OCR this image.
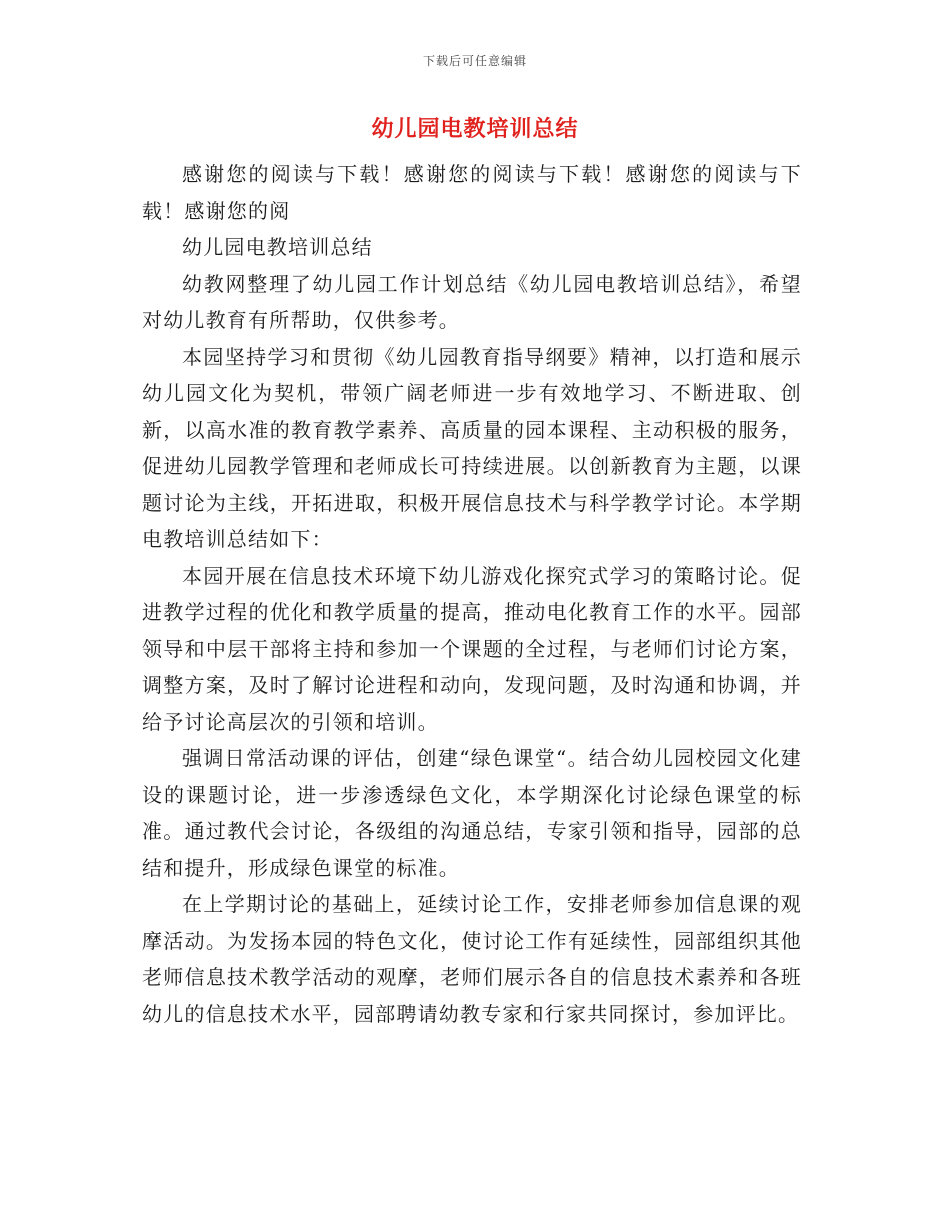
下载后可任意编辑
幼儿园电教培训总结

感谢您的阅读与下载！感谢您的阅读与下载！感谢您的阅读与下载！感谢您的阅

幼儿园电教培训总结

幼教网整理了幼儿园工作计划总结《幼儿园电教培训总结》，希望对幼儿教育有所帮助，仅供参考。

本园坚持学习和贯彻《幼儿园教育指导纲要》精神，以打造和展示幼儿园文化为契机，带领广阔老师进一步有效地学习、不断进取、创新，以高水准的教育教学素养、高质量的园本课程、主动积极的服务，促进幼儿园教学管理和老师成长可持续进展。以创新教育为主题，以课题讨论为主线，开拓进取，积极开展信息技术与科学教学讨论。本学期电教培训总结如下：

本园开展在信息技术环境下幼儿游戏化探究式学习的策略讨论。促进教学过程的优化和教学质量的提高，推动电化教育工作的水平。园部领导和中层干部将主持和参加一个课题的全过程，与老师们讨论方案，调整方案，及时了解讨论进程和动向，发现问题，及时沟通和协调，并给予讨论高层次的引领和培训。

强调日常活动课的评估，创建“绿色课堂“。结合幼儿园校园文化建设的课题讨论，进一步渗透绿色文化，本学期深化讨论绿色课堂的标准。通过教代会讨论，各级组的沟通总结，专家引领和指导，园部的总结和提升，形成绿色课堂的标准。

在上学期讨论的基础上，延续讨论工作，安排老师参加信息课的观摩活动。为发扬本园的特色文化，使讨论工作有延续性，园部组织其他老师信息技术教学活动的观摩，老师们展示各自的信息技术素养和各班幼儿的信息技术水平，园部聘请幼教专家和行家共同探讨，参加评比。
